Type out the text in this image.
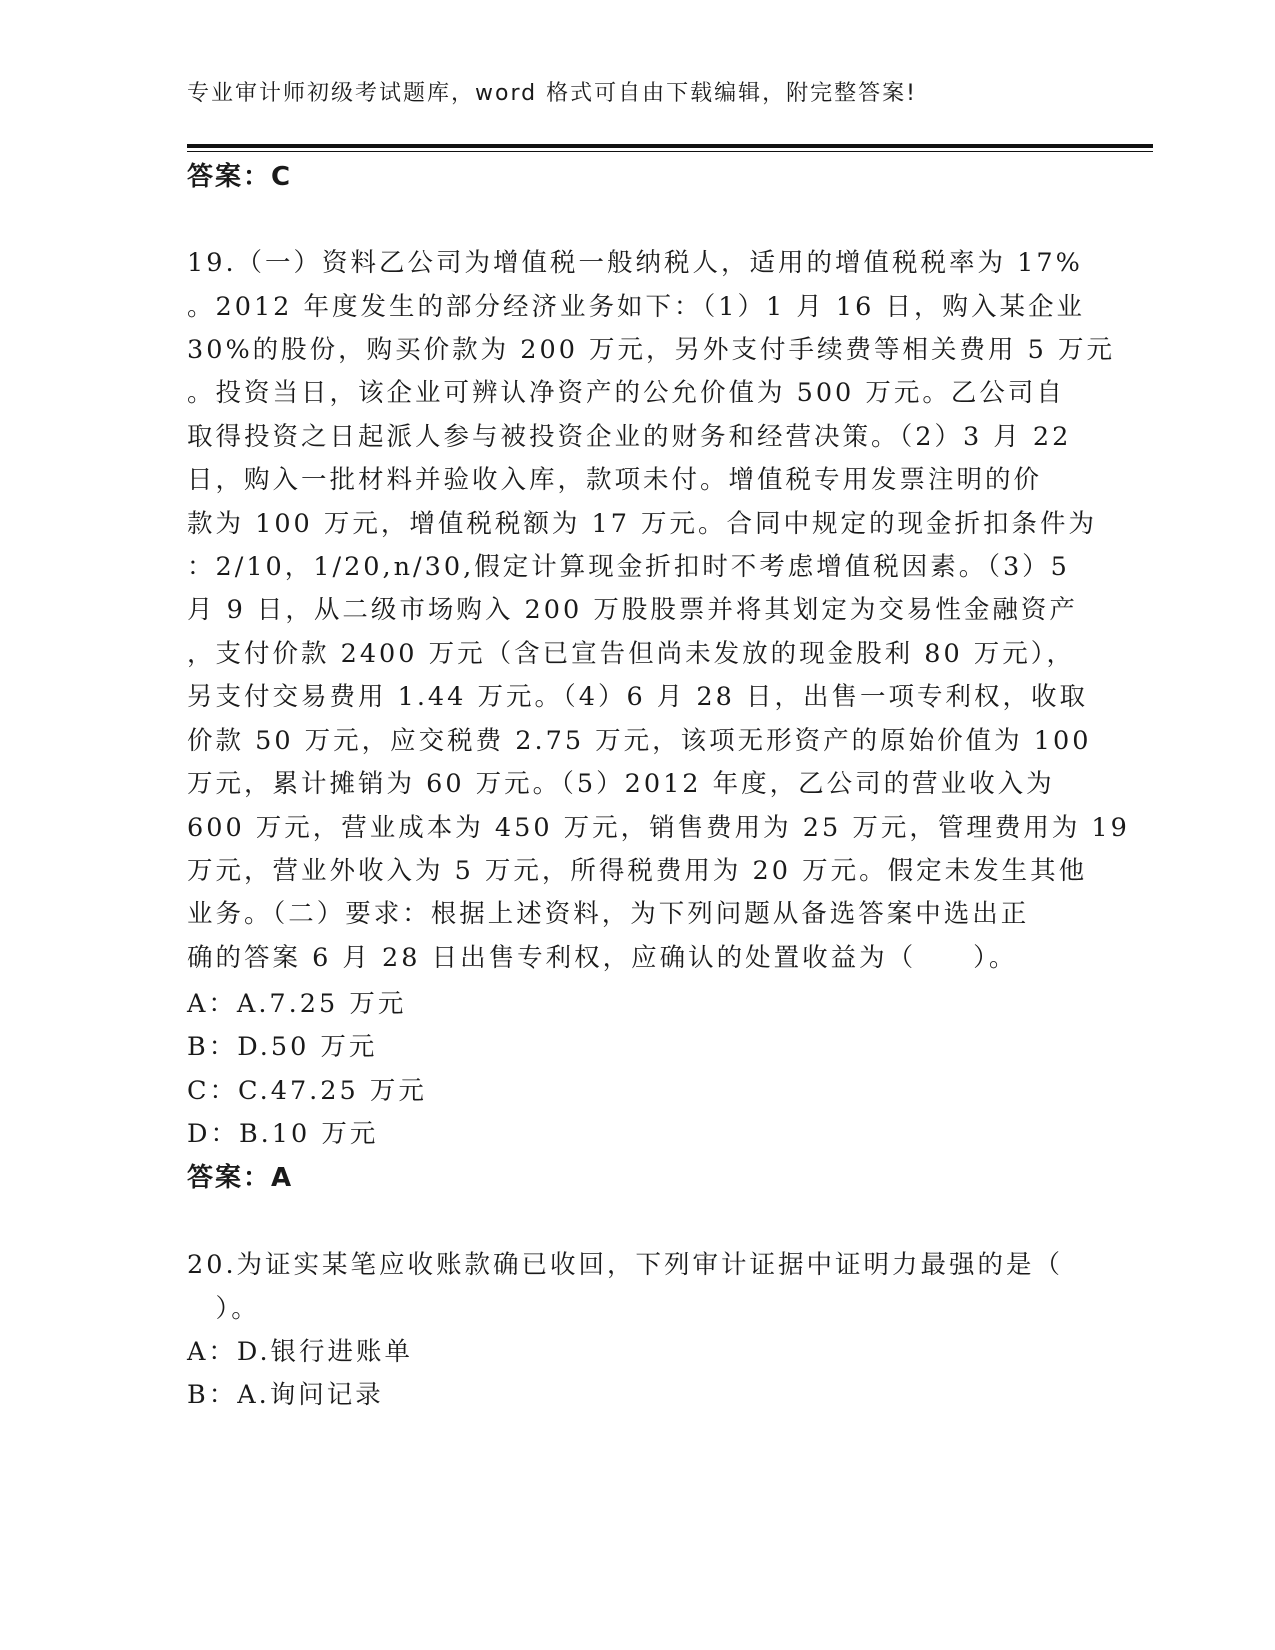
专业审计师初级考试题库，word 格式可自由下载编辑，附完整答案!
答案：C
19.（一）资料乙公司为增值税一般纳税人，适用的增值税税率为 17%
。2012 年度发生的部分经济业务如下：（1）1 月 16 日，购入某企业
30%的股份，购买价款为 200 万元，另外支付手续费等相关费用 5 万元
。投资当日，该企业可辨认净资产的公允价值为 500 万元。乙公司自
取得投资之日起派人参与被投资企业的财务和经营决策。（2）3 月 22
日，购入一批材料并验收入库，款项未付。增值税专用发票注明的价
款为 100 万元，增值税税额为 17 万元。合同中规定的现金折扣条件为
：2/10，1/20,n/30,假定计算现金折扣时不考虑增值税因素。（3）5
月 9 日，从二级市场购入 200 万股股票并将其划定为交易性金融资产
，支付价款 2400 万元（含已宣告但尚未发放的现金股利 80 万元），
另支付交易费用 1.44 万元。（4）6 月 28 日，出售一项专利权，收取
价款 50 万元，应交税费 2.75 万元，该项无形资产的原始价值为 100
万元，累计摊销为 60 万元。（5）2012 年度，乙公司的营业收入为
600 万元，营业成本为 450 万元，销售费用为 25 万元，管理费用为 19
万元，营业外收入为 5 万元，所得税费用为 20 万元。假定未发生其他
业务。（二）要求：根据上述资料，为下列问题从备选答案中选出正
确的答案 6 月 28 日出售专利权，应确认的处置收益为（　　）。
A：A.7.25 万元
B：D.50 万元
C：C.47.25 万元
D：B.10 万元
答案：A
20.为证实某笔应收账款确已收回，下列审计证据中证明力最强的是（
　）。
A：D.银行进账单
B：A.询问记录
